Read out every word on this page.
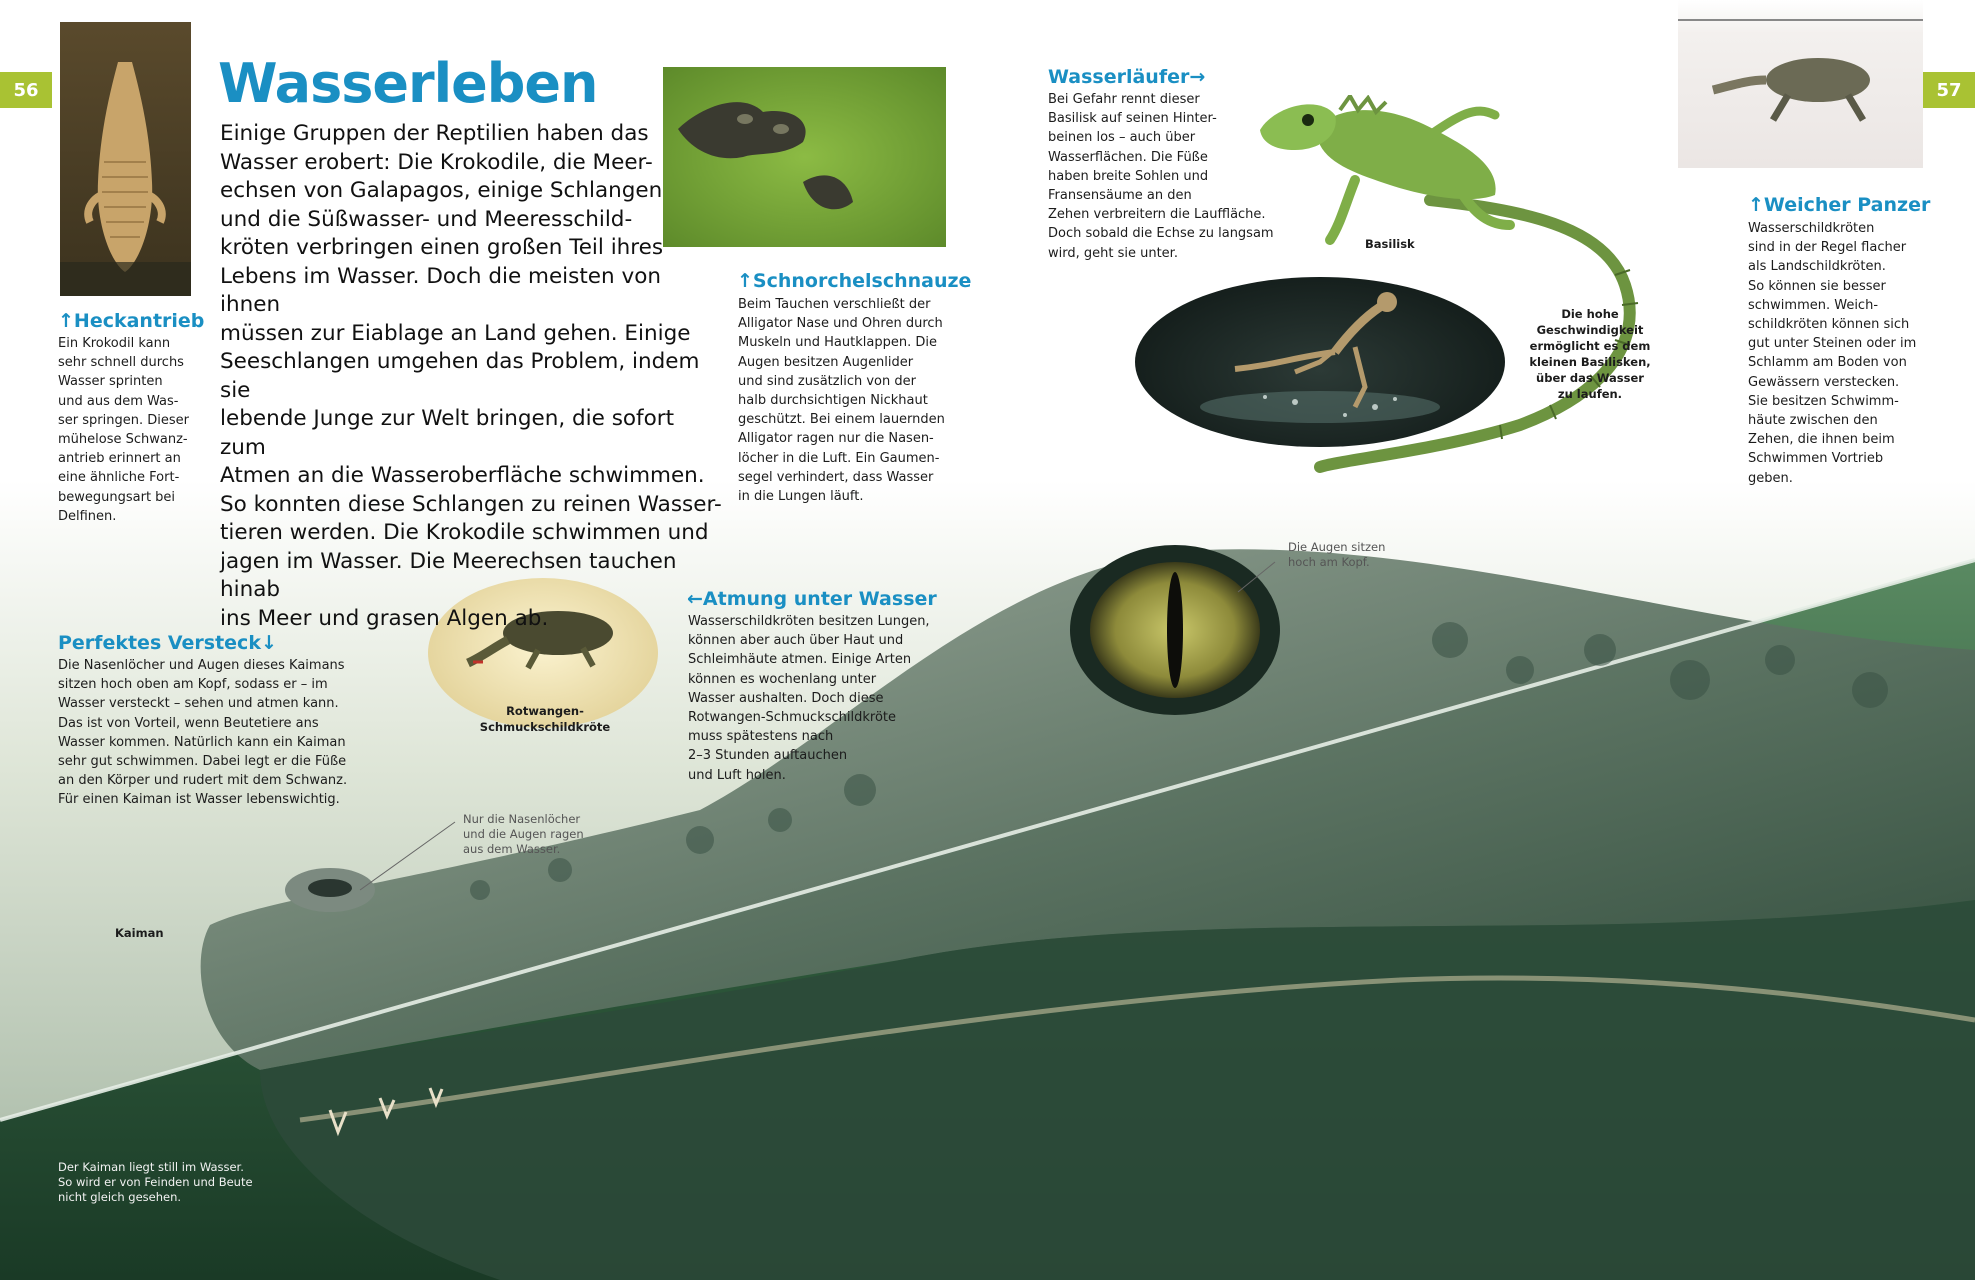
56	57
Wasserleben
Einige Gruppen der Reptilien haben das
Wasser erobert: Die Krokodile, die Meer-
echsen von Galapagos, einige Schlangen
und die Süßwasser- und Meeresschild-
kröten verbringen einen großen Teil ihres
Lebens im Wasser. Doch die meisten von ihnen
müssen zur Eiablage an Land gehen. Einige
Seeschlangen umgehen das Problem, indem sie
lebende Junge zur Welt bringen, die sofort zum
Atmen an die Wasseroberfläche schwimmen.
So konnten diese Schlangen zu reinen Wasser-
tieren werden. Die Krokodile schwimmen und
jagen im Wasser. Die Meerechsen tauchen hinab
ins Meer und grasen Algen ab.
↑Heckantrieb
Ein Krokodil kann
sehr schnell durchs
Wasser sprinten
und aus dem Was-
ser springen. Dieser
mühelose Schwanz-
antrieb erinnert an
eine ähnliche Fort-
bewegungsart bei
Delfinen.
↑Schnorchelschnauze
Beim Tauchen verschließt der
Alligator Nase und Ohren durch
Muskeln und Hautklappen. Die
Augen besitzen Augenlider
und sind zusätzlich von der
halb durchsichtigen Nickhaut
geschützt. Bei einem lauernden
Alligator ragen nur die Nasen-
löcher in die Luft. Ein Gaumen-
segel verhindert, dass Wasser
in die Lungen läuft.
Wasserläufer→
Bei Gefahr rennt dieser
Basilisk auf seinen Hinter-
beinen los – auch über
Wasserflächen. Die Füße
haben breite Sohlen und
Fransensäume an den
Zehen verbreitern die Lauffläche.
Doch sobald die Echse zu langsam
wird, geht sie unter.
↑Weicher Panzer
Wasserschildkröten
sind in der Regel flacher
als Landschildkröten.
So können sie besser
schwimmen. Weich-
schildkröten können sich
gut unter Steinen oder im
Schlamm am Boden von
Gewässern verstecken.
Sie besitzen Schwimm-
häute zwischen den
Zehen, die ihnen beim
Schwimmen Vortrieb
geben.
Perfektes Versteck↓
Die Nasenlöcher und Augen dieses Kaimans
sitzen hoch oben am Kopf, sodass er – im
Wasser versteckt – sehen und atmen kann.
Das ist von Vorteil, wenn Beutetiere ans
Wasser kommen. Natürlich kann ein Kaiman
sehr gut schwimmen. Dabei legt er die Füße
an den Körper und rudert mit dem Schwanz.
Für einen Kaiman ist Wasser lebenswichtig.
←Atmung unter Wasser
Wasserschildkröten besitzen Lungen,
können aber auch über Haut und
Schleimhäute atmen. Einige Arten
können es wochenlang unter
Wasser aushalten. Doch diese
Rotwangen-Schmuckschildkröte
muss spätestens nach
2–3 Stunden auftauchen
und Luft holen.
Basilisk
Die hohe
Geschwindigkeit
ermöglicht es dem
kleinen Basilisken,
über das Wasser
zu laufen.
Rotwangen-
Schmuckschildkröte
Die Augen sitzen
hoch am Kopf.
Nur die Nasenlöcher
und die Augen ragen
aus dem Wasser.
Kaiman
Der Kaiman liegt still im Wasser.
So wird er von Feinden und Beute
nicht gleich gesehen.
